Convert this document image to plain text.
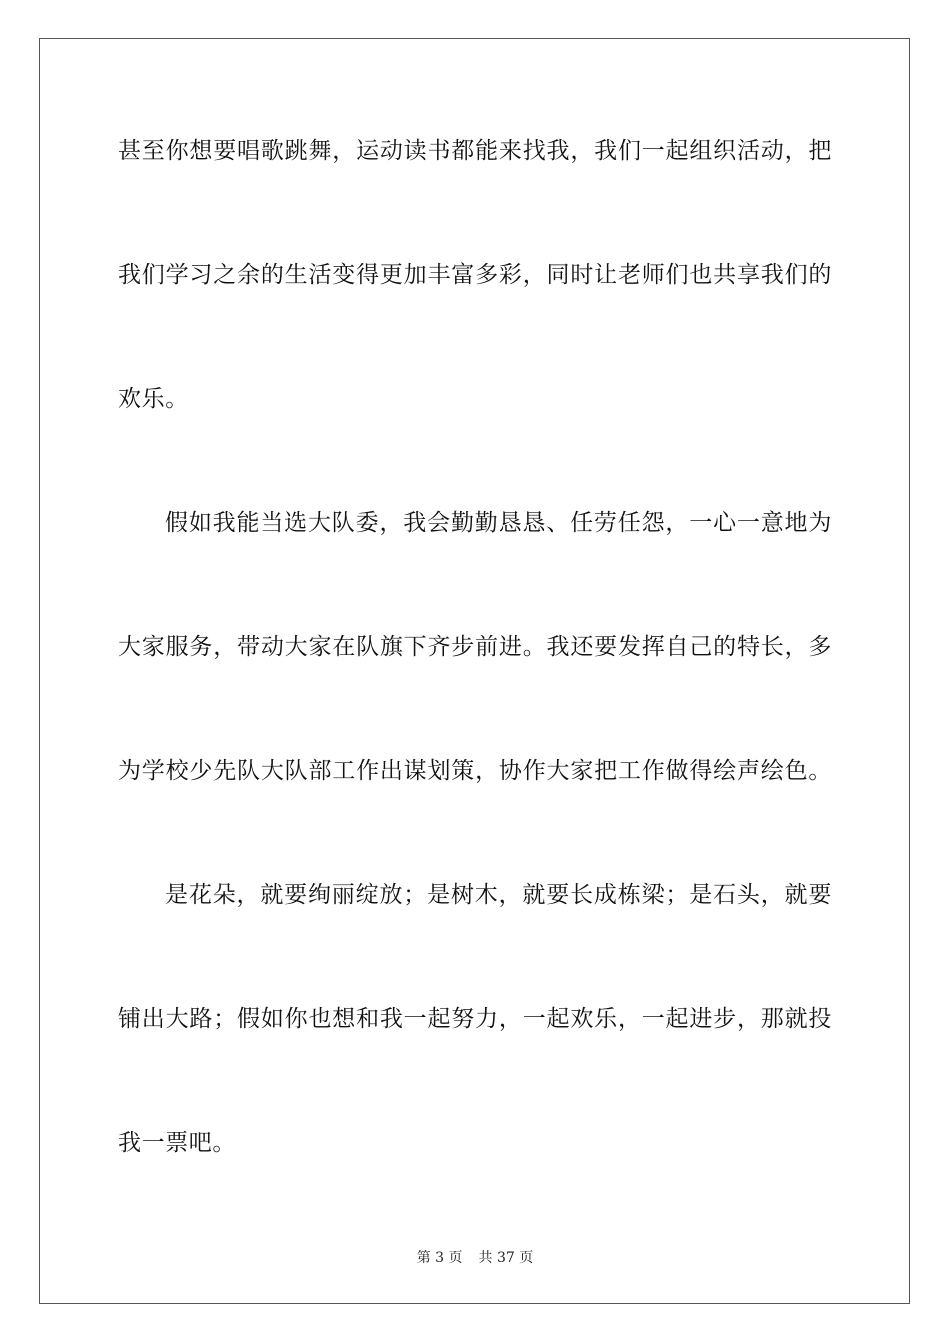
甚至你想要唱歌跳舞，运动读书都能来找我，我们一起组织活动，把
我们学习之余的生活变得更加丰富多彩，同时让老师们也共享我们的
欢乐。
假如我能当选大队委，我会勤勤恳恳、任劳任怨，一心一意地为
大家服务，带动大家在队旗下齐步前进。我还要发挥自己的特长，多
为学校少先队大队部工作出谋划策，协作大家把工作做得绘声绘色。
是花朵，就要绚丽绽放；是树木，就要长成栋梁；是石头，就要
铺出大路；假如你也想和我一起努力，一起欢乐，一起进步，那就投
我一票吧。
第 3 页 共 37 页
